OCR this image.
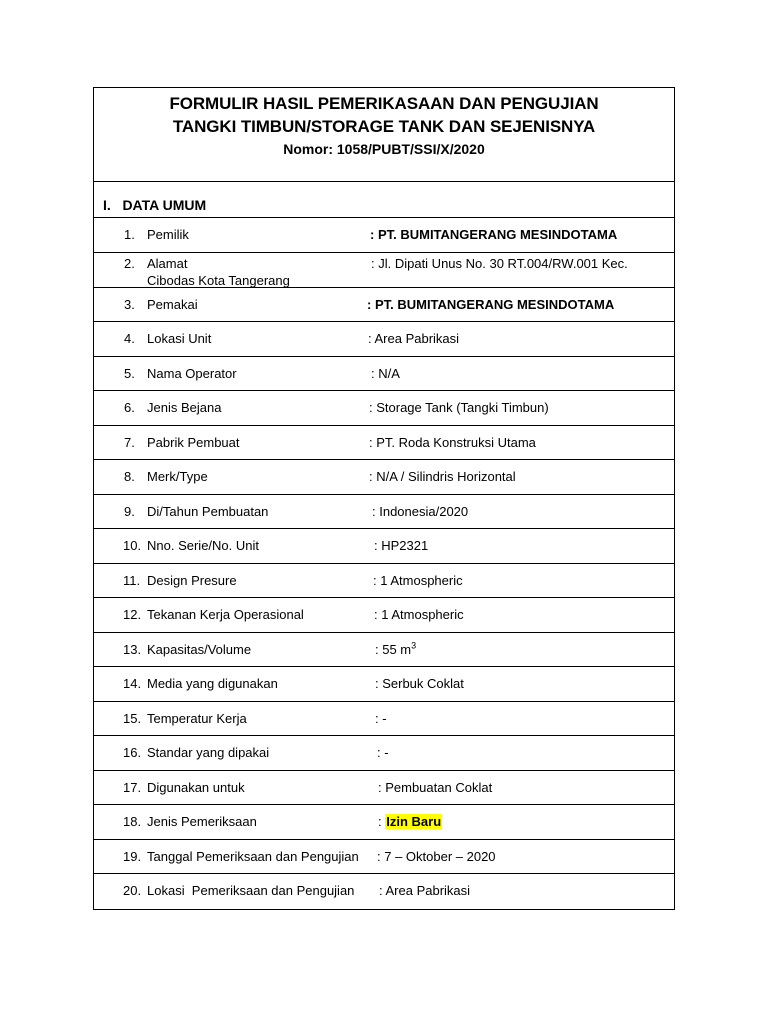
FORMULIR HASIL PEMERIKASAAN DAN PENGUJIAN
TANGKI TIMBUN/STORAGE TANK DAN SEJENISNYA
Nomor: 1058/PUBT/SSI/X/2020
I.   DATA UMUM
1. Pemilik	: PT. BUMITANGERANG MESINDOTAMA
2. Alamat	: Jl. Dipati Unus No. 30 RT.004/RW.001 Kec.
Cibodas Kota Tangerang
3. Pemakai	: PT. BUMITANGERANG MESINDOTAMA
4. Lokasi Unit	: Area Pabrikasi
5. Nama Operator	: N/A
6. Jenis Bejana	: Storage Tank (Tangki Timbun)
7. Pabrik Pembuat	: PT. Roda Konstruksi Utama
8. Merk/Type	: N/A / Silindris Horizontal
9. Di/Tahun Pembuatan	: Indonesia/2020
10. Nno. Serie/No. Unit	: HP2321
11. Design Presure	: 1 Atmospheric
12. Tekanan Kerja Operasional	: 1 Atmospheric
13. Kapasitas/Volume	: 55 $m^3$
14. Media yang digunakan	: Serbuk Coklat
15. Temperatur Kerja	: -
16. Standar yang dipakai	: -
17. Digunakan untuk	: Pembuatan Coklat
18. Jenis Pemeriksaan	: Izin Baru
19. Tanggal Pemeriksaan dan Pengujian : 7 – Oktober – 2020
20. Lokasi  Pemeriksaan dan Pengujian : Area Pabrikasi
